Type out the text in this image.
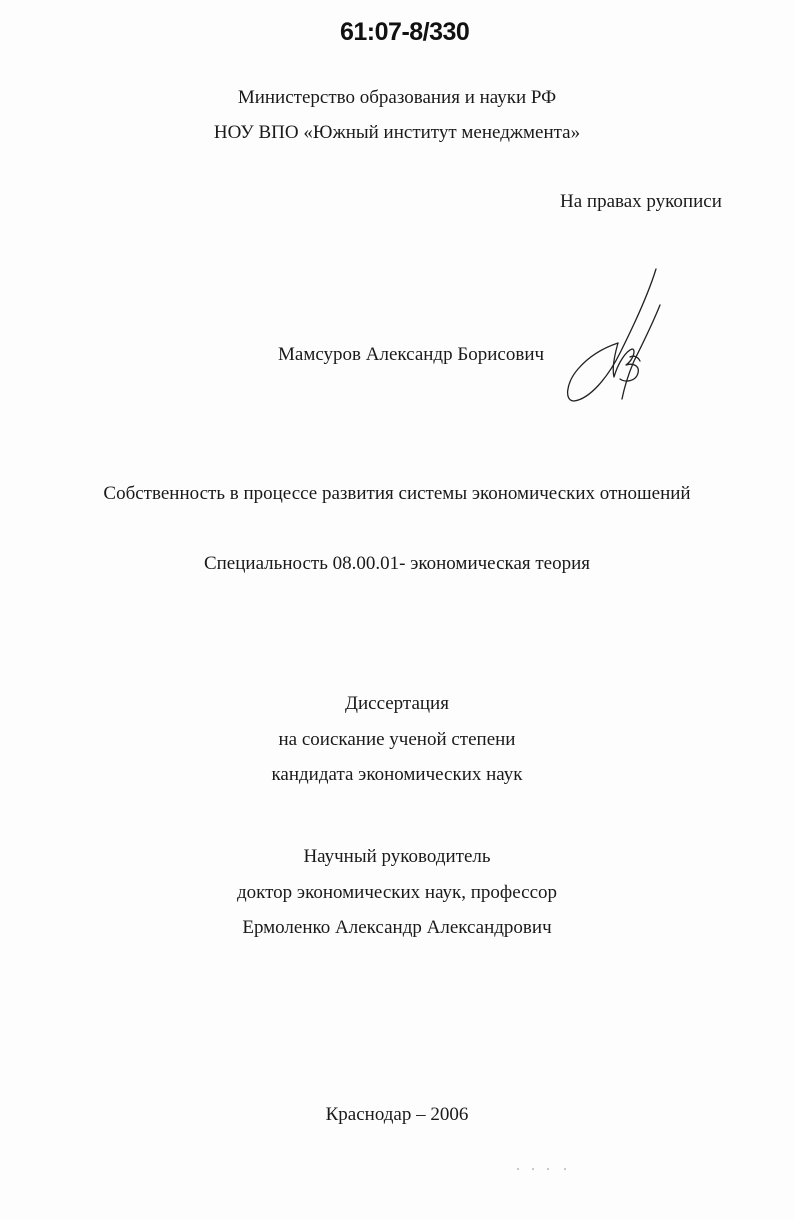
61:07-8/330
Министерство образования и науки РФ
НОУ ВПО «Южный институт менеджмента»
На правах рукописи
Мамсуров Александр Борисович
Собственность в процессе развития системы экономических отношений
Специальность 08.00.01- экономическая теория
Диссертация
на соискание ученой степени
кандидата экономических наук
Научный руководитель
доктор экономических наук, профессор
Ермоленко Александр Александрович
Краснодар – 2006
